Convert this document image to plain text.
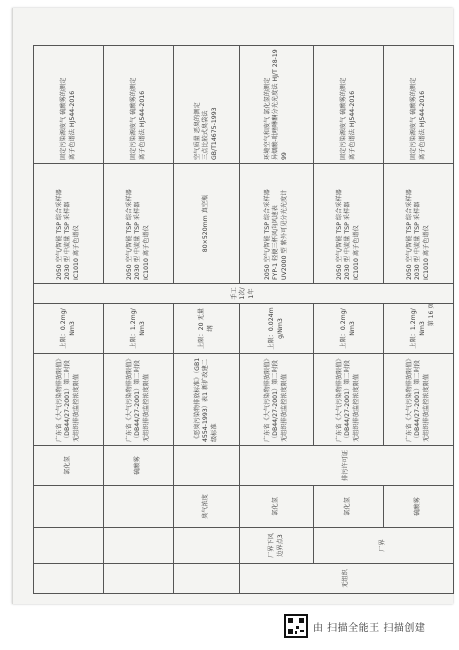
			氯化氢	广东省《大气污染物排放限值》（DB44/27-2001）第二时段无组织排放监控浓度限值	上限：0.2mg/Nm3	手工
1次/1年	2050 空气/智能 TSP 综合采样器
2030 型 中流量 TSP 采样器
IC1010 离子色谱仪	固定污染源废气 硫酸雾的测定
离子色谱法 HJ544-2016
			硫酸雾	广东省《大气污染物排放限值》（DB44/27-2001）第二时段无组织排放监控浓度限值	上限：1.2mg/Nm3		2050 空气/智能 TSP 综合采样器
2030 型 中流量 TSP 采样器
IC1010 离子色谱仪	固定污染源废气 硫酸雾的测定
离子色谱法 HJ544-2016
		臭气浓度		《恶臭污染物排放标准》（GB14554-1993）表1 新扩改建二级标准	上限：20 无量纲		80×520mm 真空瓶	空气质量 恶臭的测定
三点比较式臭袋法
GB/T14675-1993
无组织	厂界下风边界点3	氯化氢	排污许可证	广东省《大气污染物排放限值》（DB44/27-2001）第二时段无组织排放监控浓度限值	上限：0.024mg/Nm3		2050 空气/智能 TSP 综合采样器
FYP-1 轻便三杯风向风速表
UV2000 型 紫外可见分光光度计	环境空气和废气 氯化氢的测定
异烟酸-吡唑啉酮分光光度法 HJ/T 28-1999
	厂界	氯化氢		广东省《大气污染物排放限值》（DB44/27-2001）第二时段无组织排放监控浓度限值	上限：0.2mg/Nm3		2050 空气/智能 TSP 综合采样器
2030 型 中流量 TSP 采样器
IC1010 离子色谱仪	固定污染源废气 硫酸雾的测定
离子色谱法 HJ544-2016
		硫酸雾		广东省《大气污染物排放限值》（DB44/27-2001）第二时段无组织排放监控浓度限值	上限：1.2mg/Nm3		2050 空气/智能 TSP 综合采样器
2030 型 中流量 TSP 采样器
IC1010 离子色谱仪	固定污染源废气 硫酸雾的测定
离子色谱法 HJ544-2016
第 16 页
由 扫描全能王 扫描创建
